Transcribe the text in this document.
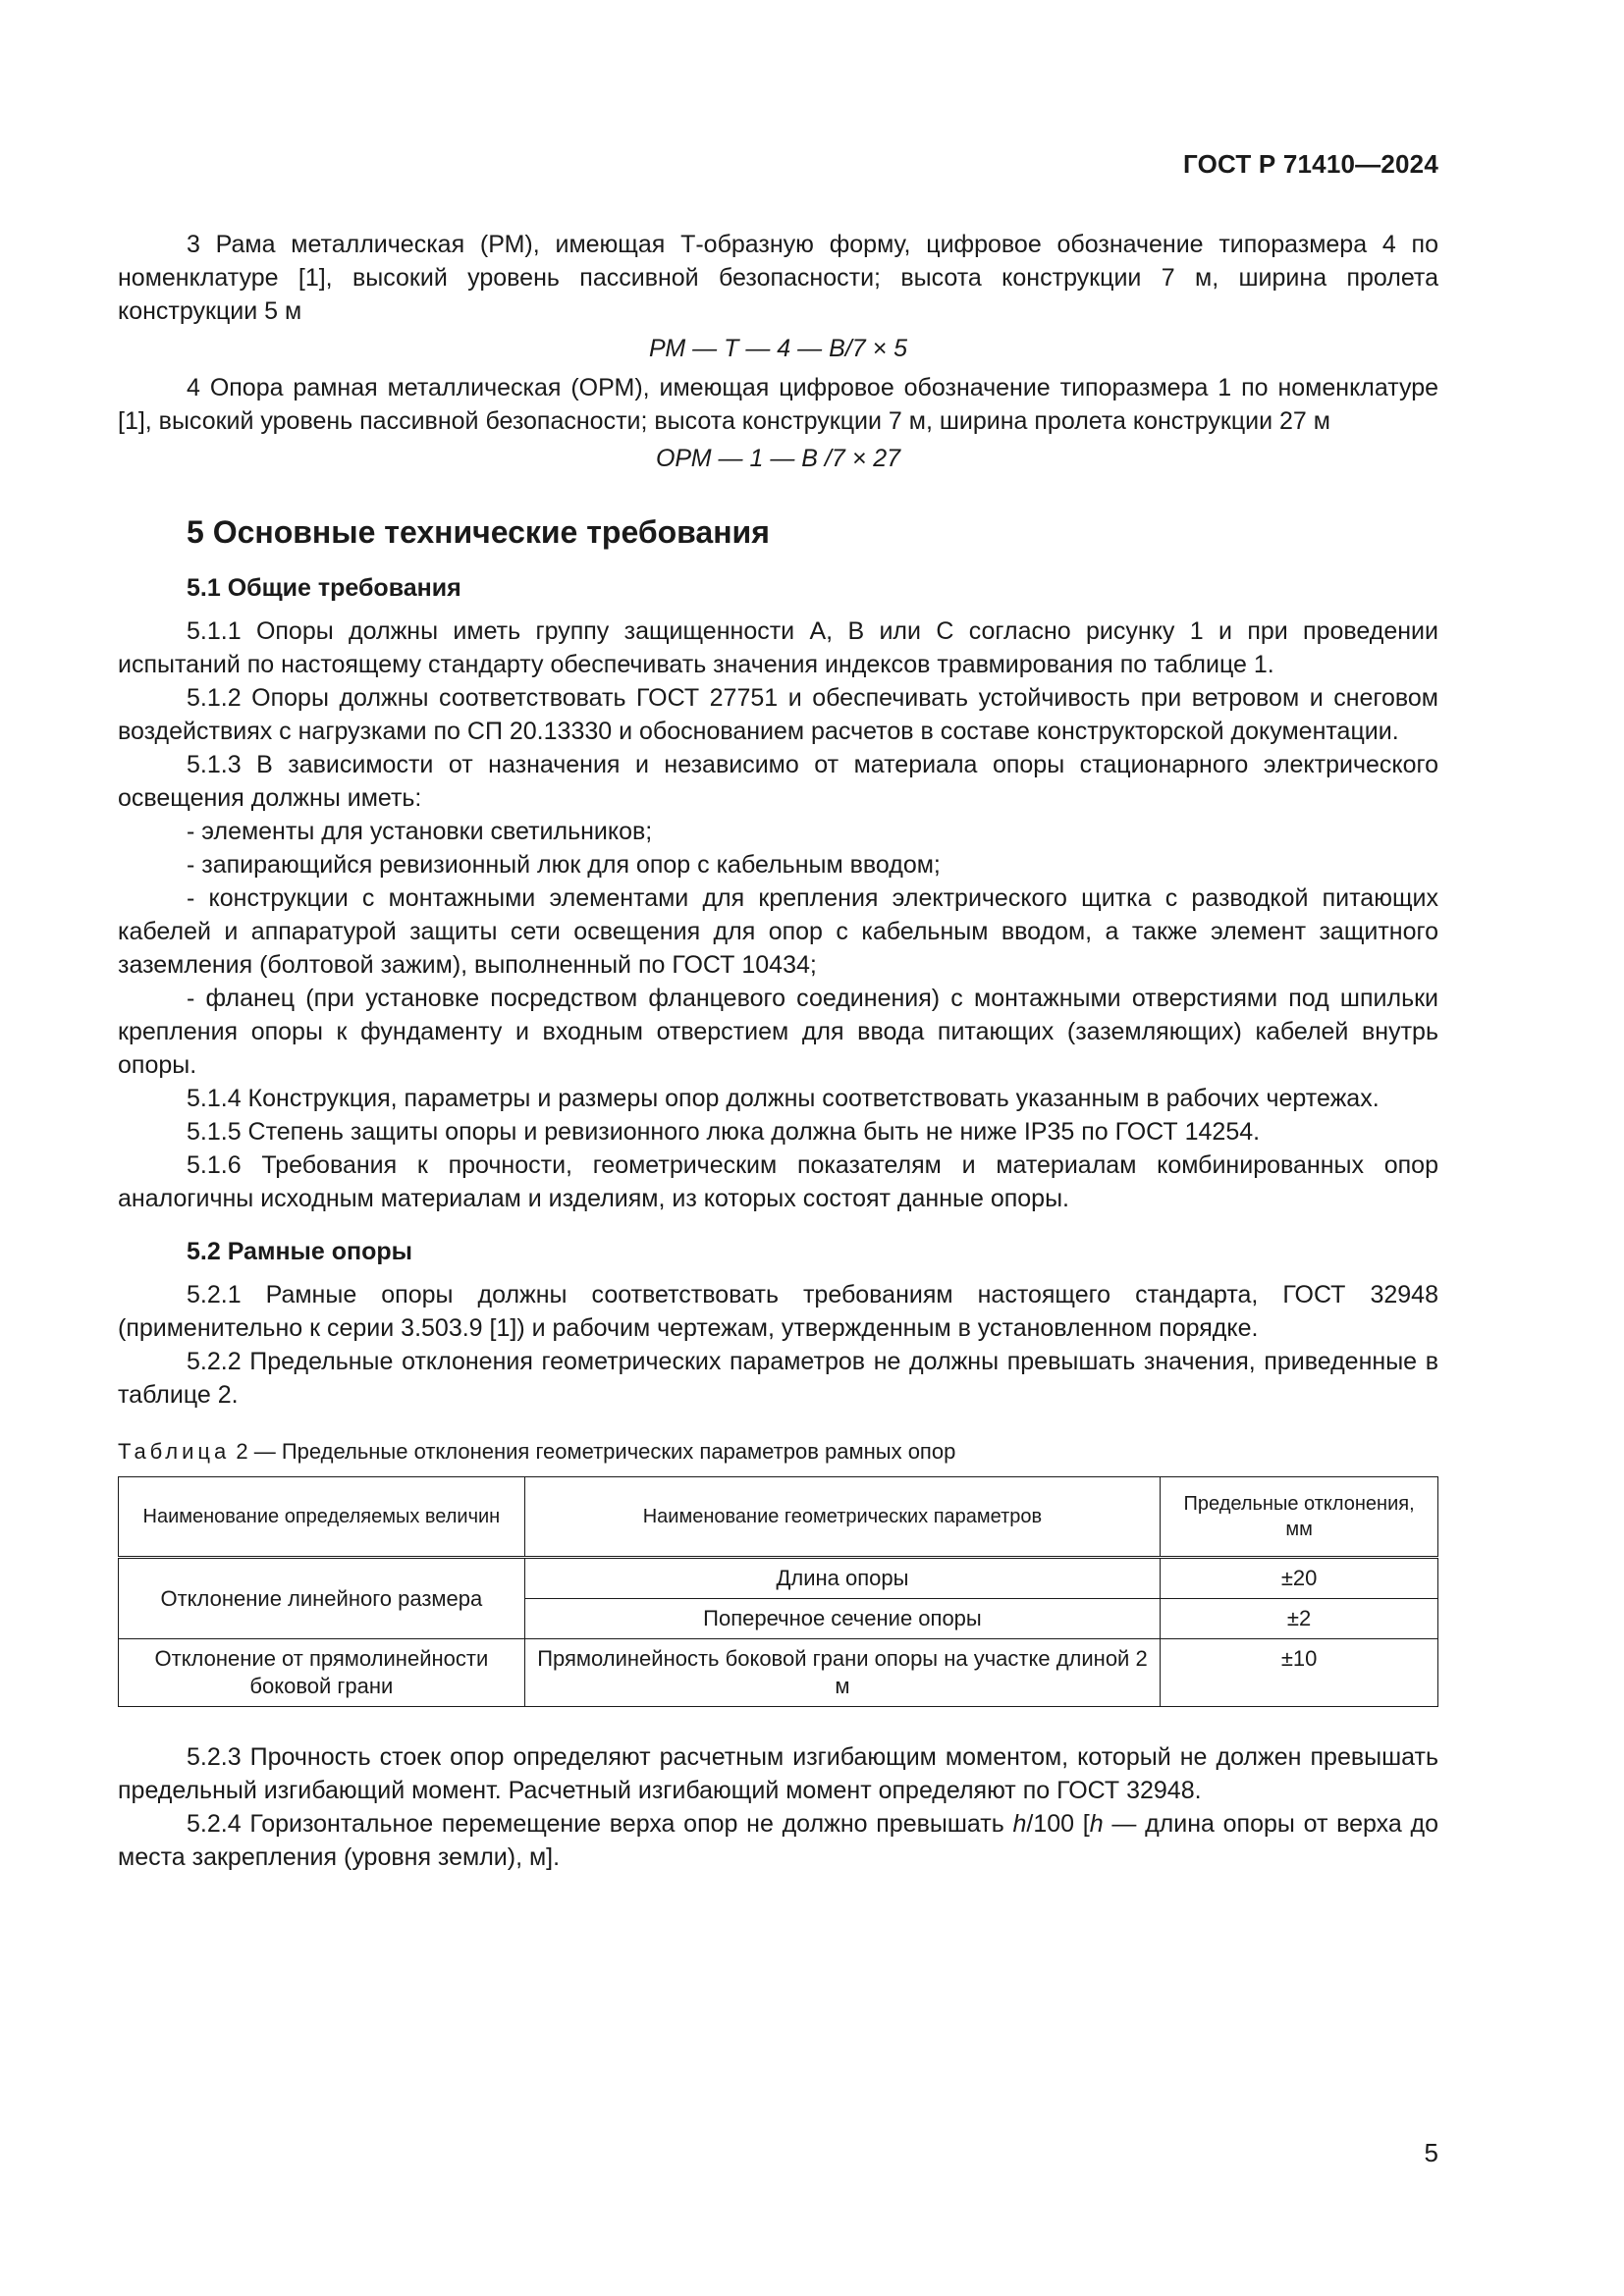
ГОСТ Р 71410—2024

3 Рама металлическая (РМ), имеющая Т-образную форму, цифровое обозначение типоразмера 4 по номенклатуре [1], высокий уровень пассивной безопасности; высота конструкции 7 м, ширина пролета конструкции 5 м

РМ — Т — 4 — В/7 × 5

4 Опора рамная металлическая (ОРМ), имеющая цифровое обозначение типоразмера 1 по номенклатуре [1], высокий уровень пассивной безопасности; высота конструкции 7 м, ширина пролета конструкции 27 м

ОРМ — 1 — В /7 × 27

5 Основные технические требования
5.1 Общие требования

5.1.1 Опоры должны иметь группу защищенности А, В или С согласно рисунку 1 и при проведении испытаний по настоящему стандарту обеспечивать значения индексов травмирования по таблице 1.

5.1.2 Опоры должны соответствовать ГОСТ 27751 и обеспечивать устойчивость при ветровом и снеговом воздействиях с нагрузками по СП 20.13330 и обоснованием расчетов в составе конструкторской документации.

5.1.3 В зависимости от назначения и независимо от материала опоры стационарного электрического освещения должны иметь:

- элементы для установки светильников;

- запирающийся ревизионный люк для опор с кабельным вводом;

- конструкции с монтажными элементами для крепления электрического щитка с разводкой питающих кабелей и аппаратурой защиты сети освещения для опор с кабельным вводом, а также элемент защитного заземления (болтовой зажим), выполненный по ГОСТ 10434;

- фланец (при установке посредством фланцевого соединения) с монтажными отверстиями под шпильки крепления опоры к фундаменту и входным отверстием для ввода питающих (заземляющих) кабелей внутрь опоры.

5.1.4 Конструкция, параметры и размеры опор должны соответствовать указанным в рабочих чертежах.

5.1.5 Степень защиты опоры и ревизионного люка должна быть не ниже IP35 по ГОСТ 14254.

5.1.6 Требования к прочности, геометрическим показателям и материалам комбинированных опор аналогичны исходным материалам и изделиям, из которых состоят данные опоры.

5.2 Рамные опоры

5.2.1 Рамные опоры должны соответствовать требованиям настоящего стандарта, ГОСТ 32948 (применительно к серии 3.503.9 [1]) и рабочим чертежам, утвержденным в установленном порядке.

5.2.2 Предельные отклонения геометрических параметров не должны превышать значения, приведенные в таблице 2.

Таблица 2 — Предельные отклонения геометрических параметров рамных опор

Наименование определяемых величин	Наименование геометрических параметров	Предельные отклонения, мм
Отклонение линейного размера	Длина опоры	±20
	Поперечное сечение опоры	±2
Отклонение от прямолинейности боковой грани	Прямолинейность боковой грани опоры на участке длиной 2 м	±10

5.2.3 Прочность стоек опор определяют расчетным изгибающим моментом, который не должен превышать предельный изгибающий момент. Расчетный изгибающий момент определяют по ГОСТ 32948.

5.2.4 Горизонтальное перемещение верха опор не должно превышать h/100 [h — длина опоры от верха до места закрепления (уровня земли), м].

5
